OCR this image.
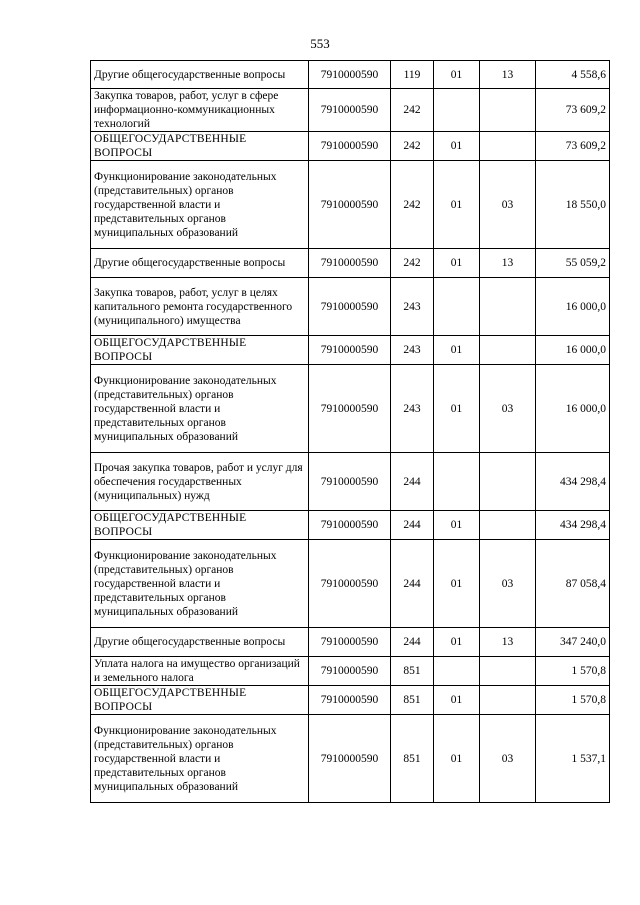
553
Другие общегосударственные вопросы	7910000590	119	01	13	4 558,6
Закупка товаров, работ, услуг в сфере информационно-коммуникационных технологий	7910000590	242			73 609,2
ОБЩЕГОСУДАРСТВЕННЫЕ ВОПРОСЫ	7910000590	242	01		73 609,2
Функционирование законодательных (представительных) органов государственной власти и представительных органов муниципальных образований	7910000590	242	01	03	18 550,0
Другие общегосударственные вопросы	7910000590	242	01	13	55 059,2
Закупка товаров, работ, услуг в целях капитального ремонта государственного (муниципального) имущества	7910000590	243			16 000,0
ОБЩЕГОСУДАРСТВЕННЫЕ ВОПРОСЫ	7910000590	243	01		16 000,0
Функционирование законодательных (представительных) органов государственной власти и представительных органов муниципальных образований	7910000590	243	01	03	16 000,0
Прочая закупка товаров, работ и услуг для обеспечения государственных (муниципальных) нужд	7910000590	244			434 298,4
ОБЩЕГОСУДАРСТВЕННЫЕ ВОПРОСЫ	7910000590	244	01		434 298,4
Функционирование законодательных (представительных) органов государственной власти и представительных органов муниципальных образований	7910000590	244	01	03	87 058,4
Другие общегосударственные вопросы	7910000590	244	01	13	347 240,0
Уплата налога на имущество организаций и земельного налога	7910000590	851			1 570,8
ОБЩЕГОСУДАРСТВЕННЫЕ ВОПРОСЫ	7910000590	851	01		1 570,8
Функционирование законодательных (представительных) органов государственной власти и представительных органов муниципальных образований	7910000590	851	01	03	1 537,1
